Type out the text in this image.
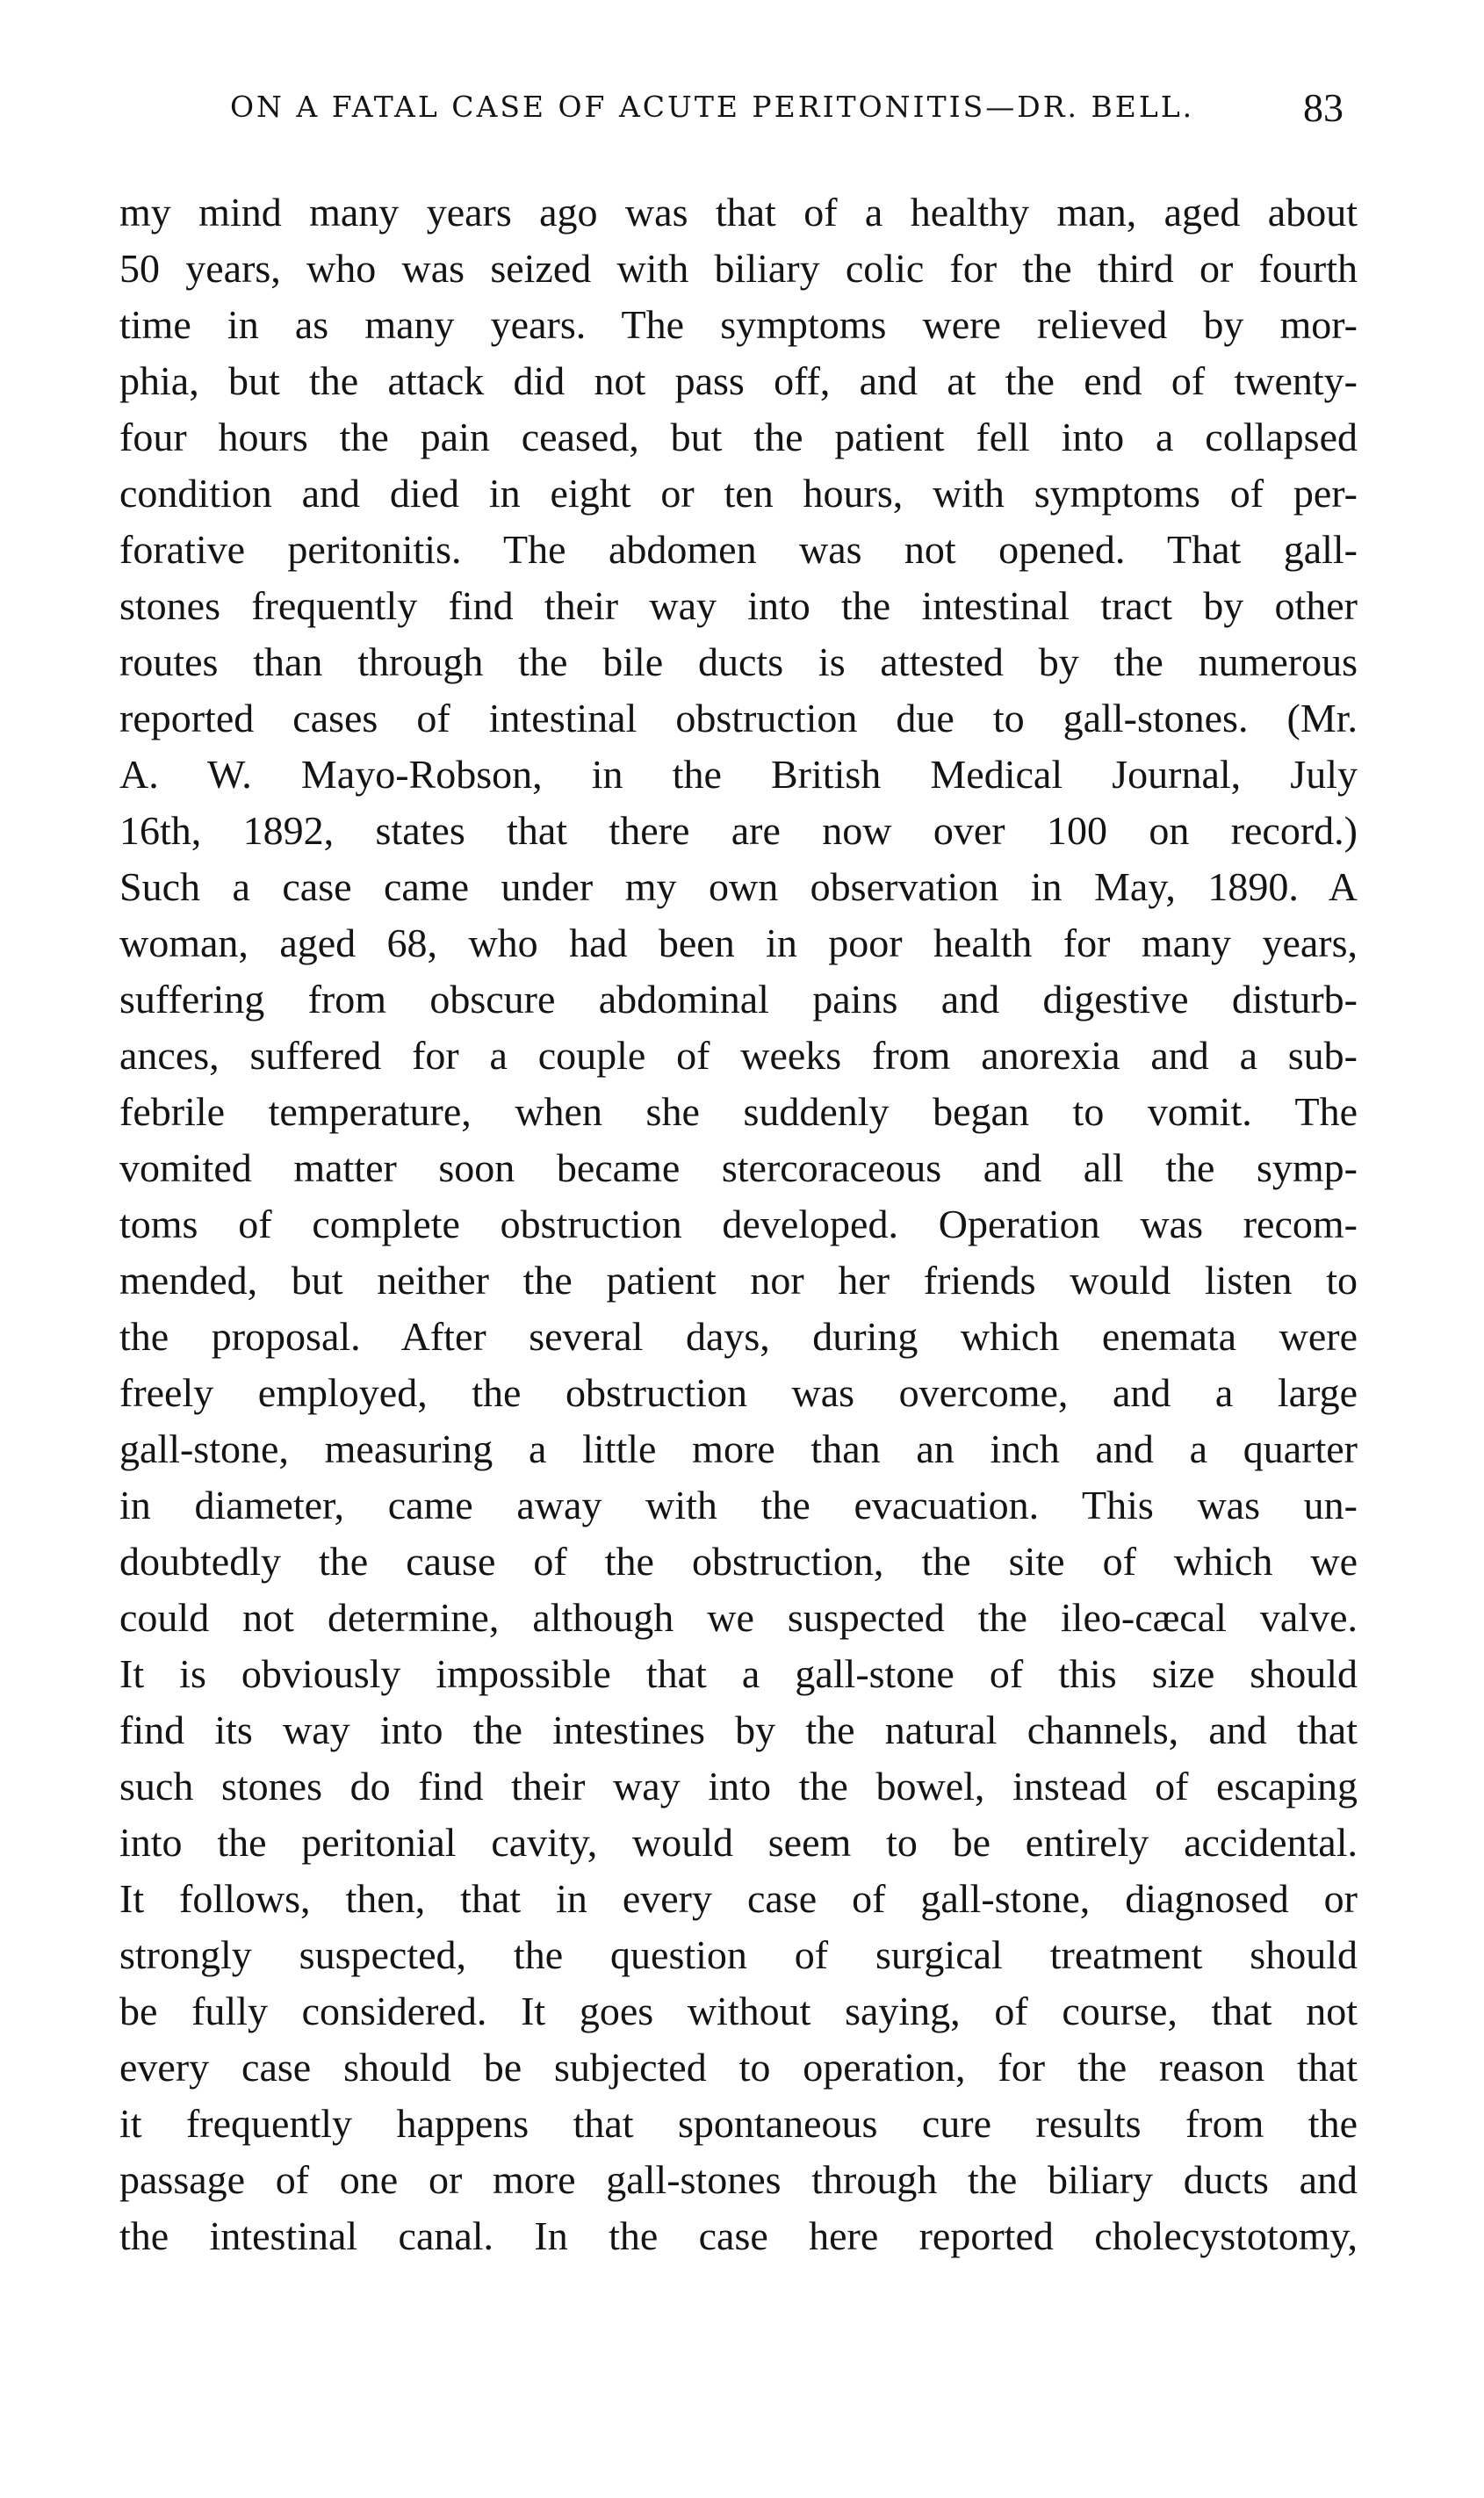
ON A FATAL CASE OF ACUTE PERITONITIS—DR. BELL.	83
my mind many years ago was that of a healthy man, aged about
50 years, who was seized with biliary colic for the third or fourth
time in as many years. The symptoms were relieved by mor-
phia, but the attack did not pass off, and at the end of twenty-
four hours the pain ceased, but the patient fell into a collapsed
condition and died in eight or ten hours, with symptoms of per-
forative peritonitis. The abdomen was not opened. That gall-
stones frequently find their way into the intestinal tract by other
routes than through the bile ducts is attested by the numerous
reported cases of intestinal obstruction due to gall-stones. (Mr.
A. W. Mayo-Robson, in the British Medical Journal, July
16th, 1892, states that there are now over 100 on record.)
Such a case came under my own observation in May, 1890. A
woman, aged 68, who had been in poor health for many years,
suffering from obscure abdominal pains and digestive disturb-
ances, suffered for a couple of weeks from anorexia and a sub-
febrile temperature, when she suddenly began to vomit. The
vomited matter soon became stercoraceous and all the symp-
toms of complete obstruction developed. Operation was recom-
mended, but neither the patient nor her friends would listen to
the proposal. After several days, during which enemata were
freely employed, the obstruction was overcome, and a large
gall-stone, measuring a little more than an inch and a quarter
in diameter, came away with the evacuation. This was un-
doubtedly the cause of the obstruction, the site of which we
could not determine, although we suspected the ileo-cæcal valve.
It is obviously impossible that a gall-stone of this size should
find its way into the intestines by the natural channels, and that
such stones do find their way into the bowel, instead of escaping
into the peritonial cavity, would seem to be entirely accidental.
It follows, then, that in every case of gall-stone, diagnosed or
strongly suspected, the question of surgical treatment should
be fully considered. It goes without saying, of course, that not
every case should be subjected to operation, for the reason that
it frequently happens that spontaneous cure results from the
passage of one or more gall-stones through the biliary ducts and
the intestinal canal. In the case here reported cholecystotomy,
